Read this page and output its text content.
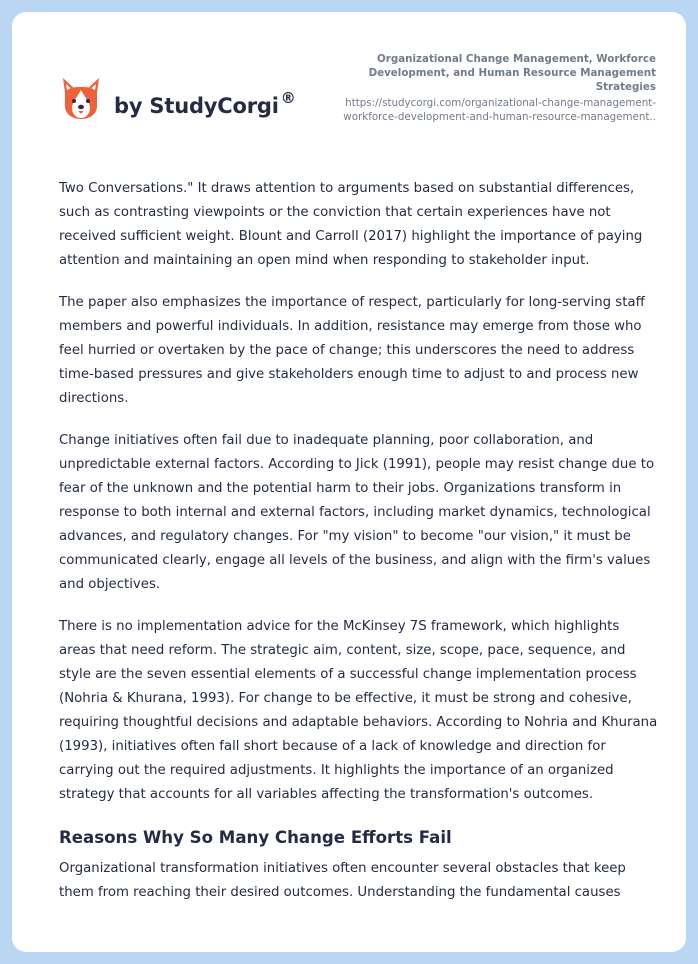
by StudyCorgi ®
Organizational Change Management, Workforce Development, and Human Resource Management Strategies
https://studycorgi.com/organizational-change-management-workforce-development-and-human-resource-management..

Two Conversations." It draws attention to arguments based on substantial differences, such as contrasting viewpoints or the conviction that certain experiences have not received sufficient weight. Blount and Carroll (2017) highlight the importance of paying attention and maintaining an open mind when responding to stakeholder input.

The paper also emphasizes the importance of respect, particularly for long-serving staff members and powerful individuals. In addition, resistance may emerge from those who feel hurried or overtaken by the pace of change; this underscores the need to address time-based pressures and give stakeholders enough time to adjust to and process new directions.

Change initiatives often fail due to inadequate planning, poor collaboration, and unpredictable external factors. According to Jick (1991), people may resist change due to fear of the unknown and the potential harm to their jobs. Organizations transform in response to both internal and external factors, including market dynamics, technological advances, and regulatory changes. For "my vision" to become "our vision," it must be communicated clearly, engage all levels of the business, and align with the firm's values and objectives.

There is no implementation advice for the McKinsey 7S framework, which highlights areas that need reform. The strategic aim, content, size, scope, pace, sequence, and style are the seven essential elements of a successful change implementation process (Nohria & Khurana, 1993). For change to be effective, it must be strong and cohesive, requiring thoughtful decisions and adaptable behaviors. According to Nohria and Khurana (1993), initiatives often fall short because of a lack of knowledge and direction for carrying out the required adjustments. It highlights the importance of an organized strategy that accounts for all variables affecting the transformation's outcomes.

Reasons Why So Many Change Efforts Fail

Organizational transformation initiatives often encounter several obstacles that keep them from reaching their desired outcomes. Understanding the fundamental causes
